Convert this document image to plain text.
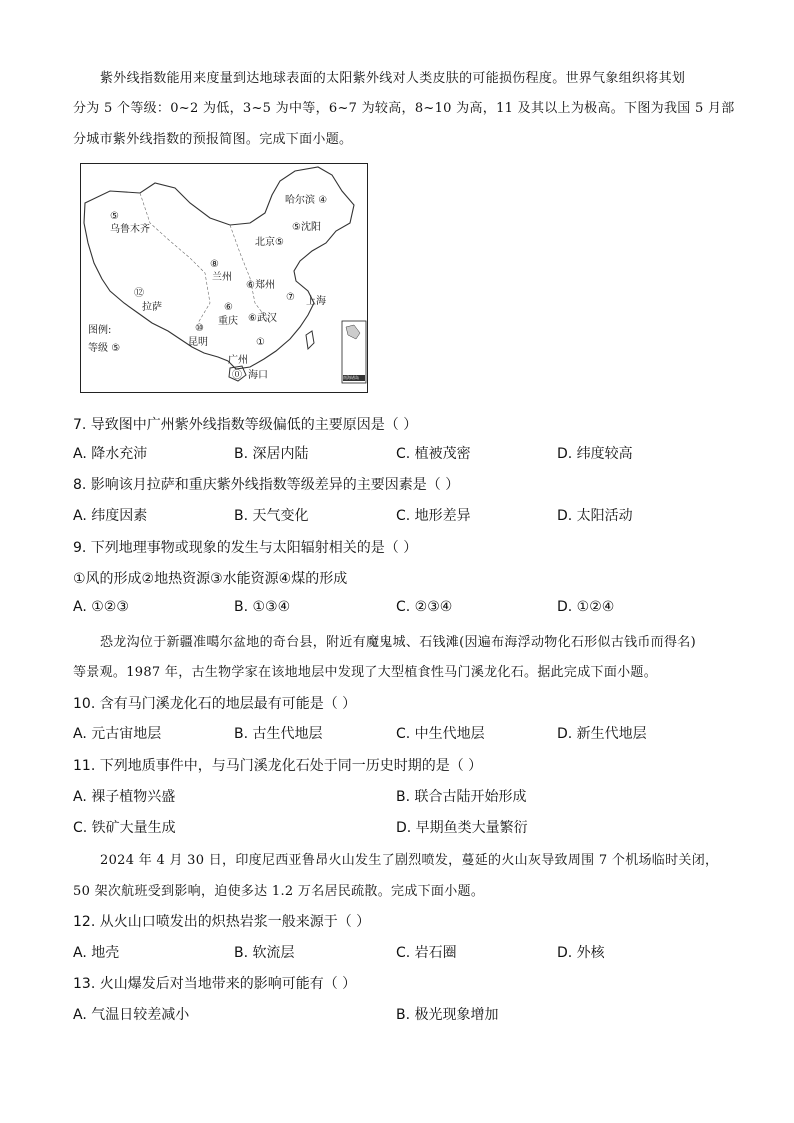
紫外线指数能用来度量到达地球表面的太阳紫外线对人类皮肤的可能损伤程度。世界气象组织将其划
分为 5 个等级：0~2 为低，3~5 为中等，6~7 为较高，8~10 为高，11 及其以上为极高。下图为我国 5 月部
分城市紫外线指数的预报简图。完成下面小题。
⑤ 乌鲁木齐
哈尔滨 ④
⑤沈阳
北京⑤
⑧ 兰州
⑥郑州
⑦ 上海
⑫ 拉萨	⑥ 重庆 ⑥武汉
⑩ 昆明	① 广州
⓪ 海口
图例:
等级 ⑤
南海诸岛
7. 导致图中广州紫外线指数等级偏低的主要原因是（ ）
A. 降水充沛	B. 深居内陆	C. 植被茂密	D. 纬度较高
8. 影响该月拉萨和重庆紫外线指数等级差异的主要因素是（ ）
A. 纬度因素	B. 天气变化	C. 地形差异	D. 太阳活动
9. 下列地理事物或现象的发生与太阳辐射相关的是（ ）
①风的形成②地热资源③水能资源④煤的形成
A. ①②③	B. ①③④	C. ②③④	D. ①②④
恐龙沟位于新疆准噶尔盆地的奇台县，附近有魔鬼城、石钱滩(因遍布海浮动物化石形似古钱币而得名)
等景观。1987 年，古生物学家在该地地层中发现了大型植食性马门溪龙化石。据此完成下面小题。
10. 含有马门溪龙化石的地层最有可能是（ ）
A. 元古宙地层	B. 古生代地层	C. 中生代地层	D. 新生代地层
11. 下列地质事件中，与马门溪龙化石处于同一历史时期的是（ ）
A. 裸子植物兴盛	B. 联合古陆开始形成
C. 铁矿大量生成	D. 早期鱼类大量繁衍
2024 年 4 月 30 日，印度尼西亚鲁昂火山发生了剧烈喷发，蔓延的火山灰导致周围 7 个机场临时关闭，
50 架次航班受到影响，迫使多达 1.2 万名居民疏散。完成下面小题。
12. 从火山口喷发出的炽热岩浆一般来源于（ ）
A. 地壳	B. 软流层	C. 岩石圈	D. 外核
13. 火山爆发后对当地带来的影响可能有（ ）
A. 气温日较差减小	B. 极光现象增加
